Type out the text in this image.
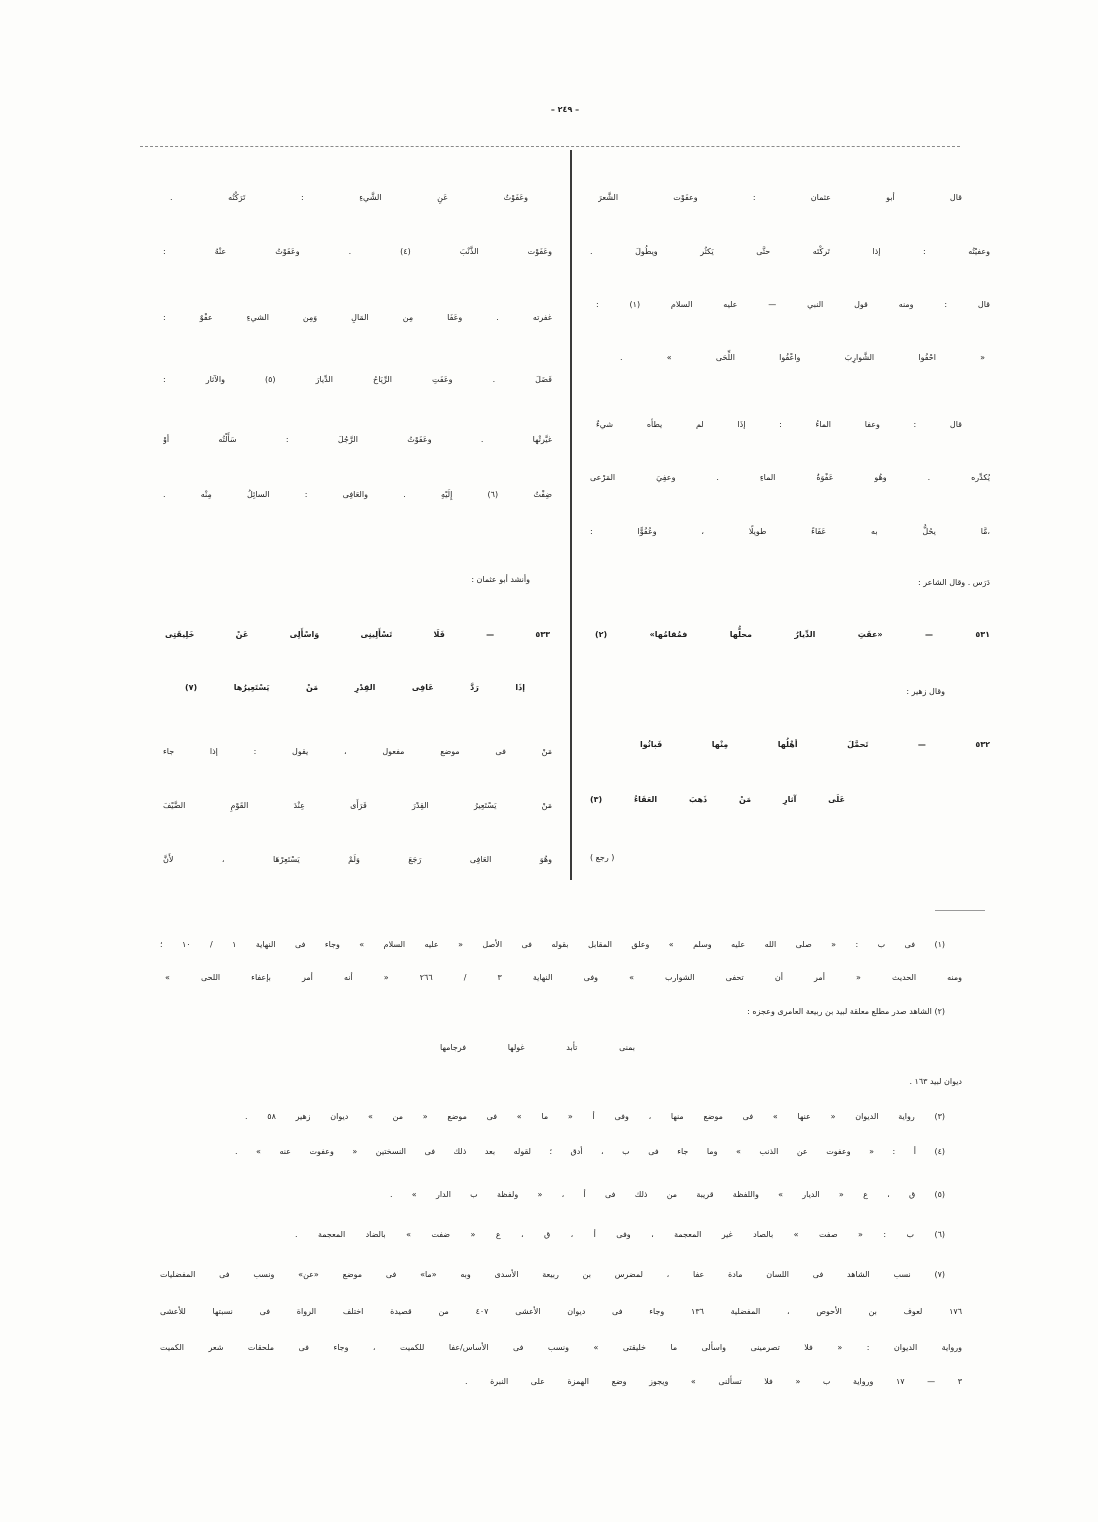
– ٢٤٩ –
قال أبو عثمان : وعفَوْت الشَّعرَ
وعفيْتُه : إذا تَركْتَه حتَّى يَكثُر ويطُولَ .
قال : ومنه قول النبي — عليه السلام (١) :
« احْفُوا الشَّوارِبَ واعْفُوا اللِّحَى » .
قال : وعفا الماءُ : إذَا لم يطأه شيءٌ
يُكدِّره . وهُو عَفْوَةُ الماءِ . وعفِيَ المَرْعى
،مَّا يحُلُّ به عَفَاءً طويلًا ، وعُفُوًّا :
دَرَس . وقال الشاعر :
٥٣١ — «عفَتِ الدِّيارُ محلُّها فمُقامُها» (٢)
وقال زهير :
٥٣٢ — تَحمَّلَ أهْلُها مِنْها فَبانُوا
عَلَى آثارِ مَنْ ذَهبَ العَفَاءُ (٣)
( رجع )
وعَفَوْتُ عَنِ الشَّيءِ : تَرَكْتُه .
وعَفَوْت الذَّنْبَ (٤) . وعَفَوْتُ عنْهُ :
غفرته . وعَفَا مِن المَالِ وَمِن الشيءِ عفْوٌ :
فَضَلَ . وعَفَتِ الرِّيَاحُ الدِّيارَ (٥) والآثار :
غيَّرتْها . وعَفَوْتُ الرَّجُلَ : سَأَلْتُه أوْ
ضِفْتُ (٦) إِلَيْهِ . والعَافِى : السائِلُ مِنْه .
وأنشد أبو عثمان :
٥٣٣ — فَلَا تَسْأَلِينِى وَاسْأَلِى عَنْ خَلِيقَتِى
إذَا رَدَّ عَافِى القِدْرِ مَنْ يَسْتَعِيرُها (٧)
مَنْ فى موضع مفعول ، يقول : إذا جاء
مَنْ يَسْتَعِيرُ القِدْرَ فَرَأَى عِنْدَ القَوْمِ الضَّيْفَ
وهُوَ العَافِى رَجَعَ وَلَمْ يَسْتَعِرْهَا ، لأَنَّ
(١) فى ب : « صلى الله عليه وسلم » وعلق المقابل بقوله فى الأصل « عليه السلام » وجاء فى النهاية ١ / ١٠ ؛
ومنه الحديث « أمر أن تحفى الشوارب » وفى النهاية ٣ / ٢٦٦ « أنه أمر بإعفاء اللحى »
(٢) الشاهد صدر مطلع معلقة لبيد بن ربيعة العامرى وعجزه :
بمنى تأبد غولها فرجامها
ديوان لبيد ١٦٣ .
(٣) رواية الديوان « عنها » فى موضع منها ، وفى أ « ما » فى موضع « من » ديوان زهير ٥٨ .
(٤) أ : « وعفوت عن الذنب » وما جاء فى ب ، أدق ؛ لقوله بعد ذلك فى النسختين « وعفوت عنه » .
(٥) ق ، ع « الديار » واللفظة قريبة من ذلك فى أ ، « ولفظة ب الدار » .
(٦) ب : « صفت » بالصاد غير المعجمة ، وفى أ ، ق ، ع « ضفت » بالضاد المعجمة .
(٧) نسب الشاهد فى اللسان مادة عفا ، لمضرس بن ربيعة الأسدى وبه «ما» فى موضع «عن» ونسب فى المفضليات
١٧٦ لعوف بن الأحوص ، المفضلية ١٣٦ وجاء فى ديوان الأعشى ٤٠٧ من قصيدة اختلف الرواة فى نسبتها للأعشى
ورواية الديوان : « فلا تصرمينى واسألى ما خليقتى » ونسب فى الأساس/عفا للكميت ، وجاء فى ملحقات شعر الكميت
٣ — ١٧ ورواية ب « فلا تسألنى » ويجوز وضع الهمزة على النبرة .
